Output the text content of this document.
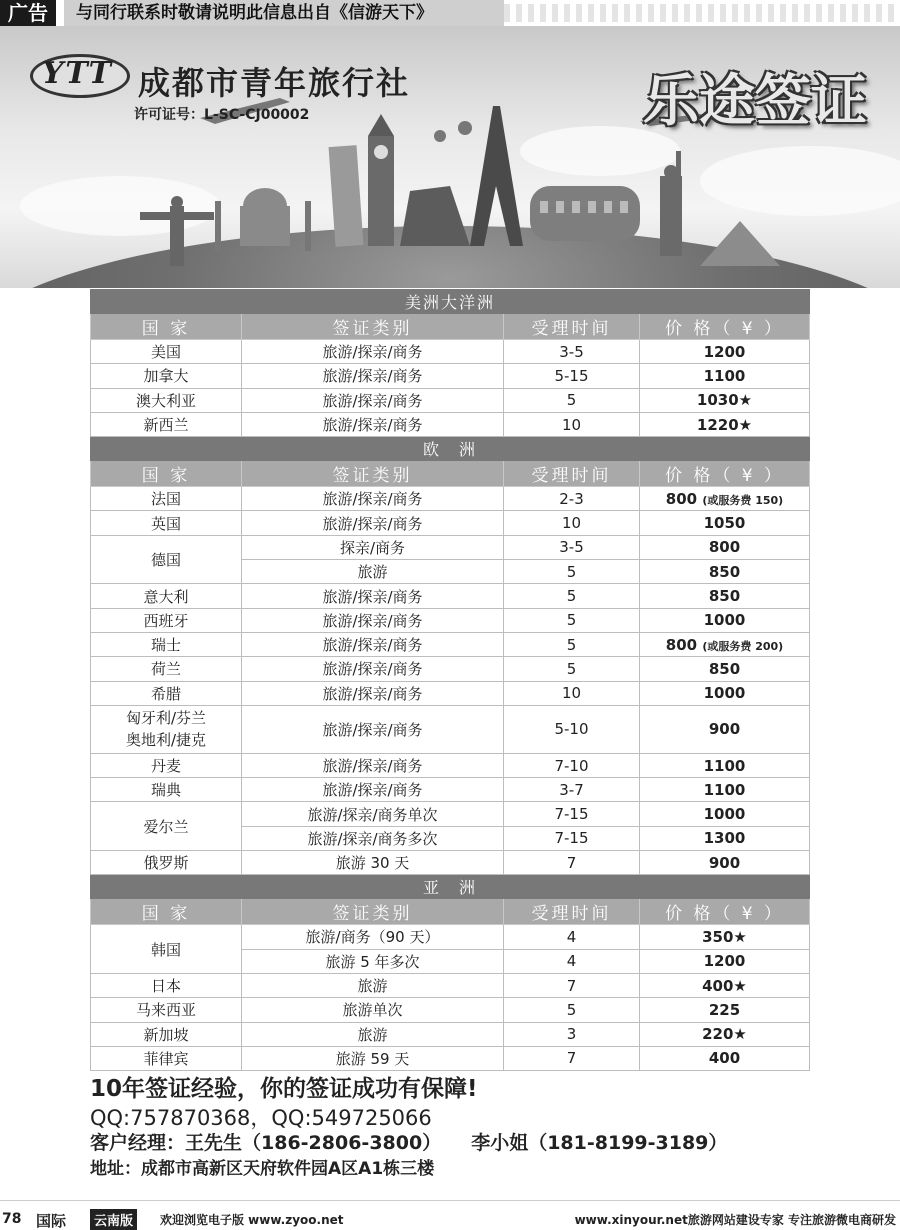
广告	与同行联系时敬请说明此信息出自《信游天下》
YTT 成都市青年旅行社
许可证号：L-SC-CJ00002	乐途签证
美洲大洋洲			
国 家	签证类别	受理时间	价 格（ ¥ ）
美国	旅游/探亲/商务	3-5	1200
加拿大	旅游/探亲/商务	5-15	1100
澳大利亚	旅游/探亲/商务	5	1030★
新西兰	旅游/探亲/商务	10	1220★
欧　洲			
国 家	签证类别	受理时间	价 格（ ¥ ）
法国	旅游/探亲/商务	2-3	800 (或服务费 150)
英国	旅游/探亲/商务	10	1050
德国	探亲/商务	3-5	800
	旅游	5	850
意大利	旅游/探亲/商务	5	850
西班牙	旅游/探亲/商务	5	1000
瑞士	旅游/探亲/商务	5	800 (或服务费 200)
荷兰	旅游/探亲/商务	5	850
希腊	旅游/探亲/商务	10	1000

匈牙利/芬兰
奥地利/捷克	旅游/探亲/商务	5-10	900
丹麦	旅游/探亲/商务	7-10	1100
瑞典	旅游/探亲/商务	3-7	1100
爱尔兰	旅游/探亲/商务单次	7-15	1000
	旅游/探亲/商务多次	7-15	1300
俄罗斯	旅游 30 天	7	900
亚　洲			
国 家	签证类别	受理时间	价 格（ ¥ ）
韩国	旅游/商务（90 天）	4	350★
	旅游 5 年多次	4	1200
日本	旅游	7	400★
马来西亚	旅游单次	5	225
新加坡	旅游	3	220★
菲律宾	旅游 59 天	7	400
10年签证经验，你的签证成功有保障!
QQ:757870368，QQ:549725066
客户经理：王先生（186-2806-3800） 李小姐（181-8199-3189）
地址：成都市高新区天府软件园A区A1栋三楼
78 国际	云南版	欢迎浏览电子版 www.zyoo.net	www.xinyour.net旅游网站建设专家 专注旅游微电商研发
